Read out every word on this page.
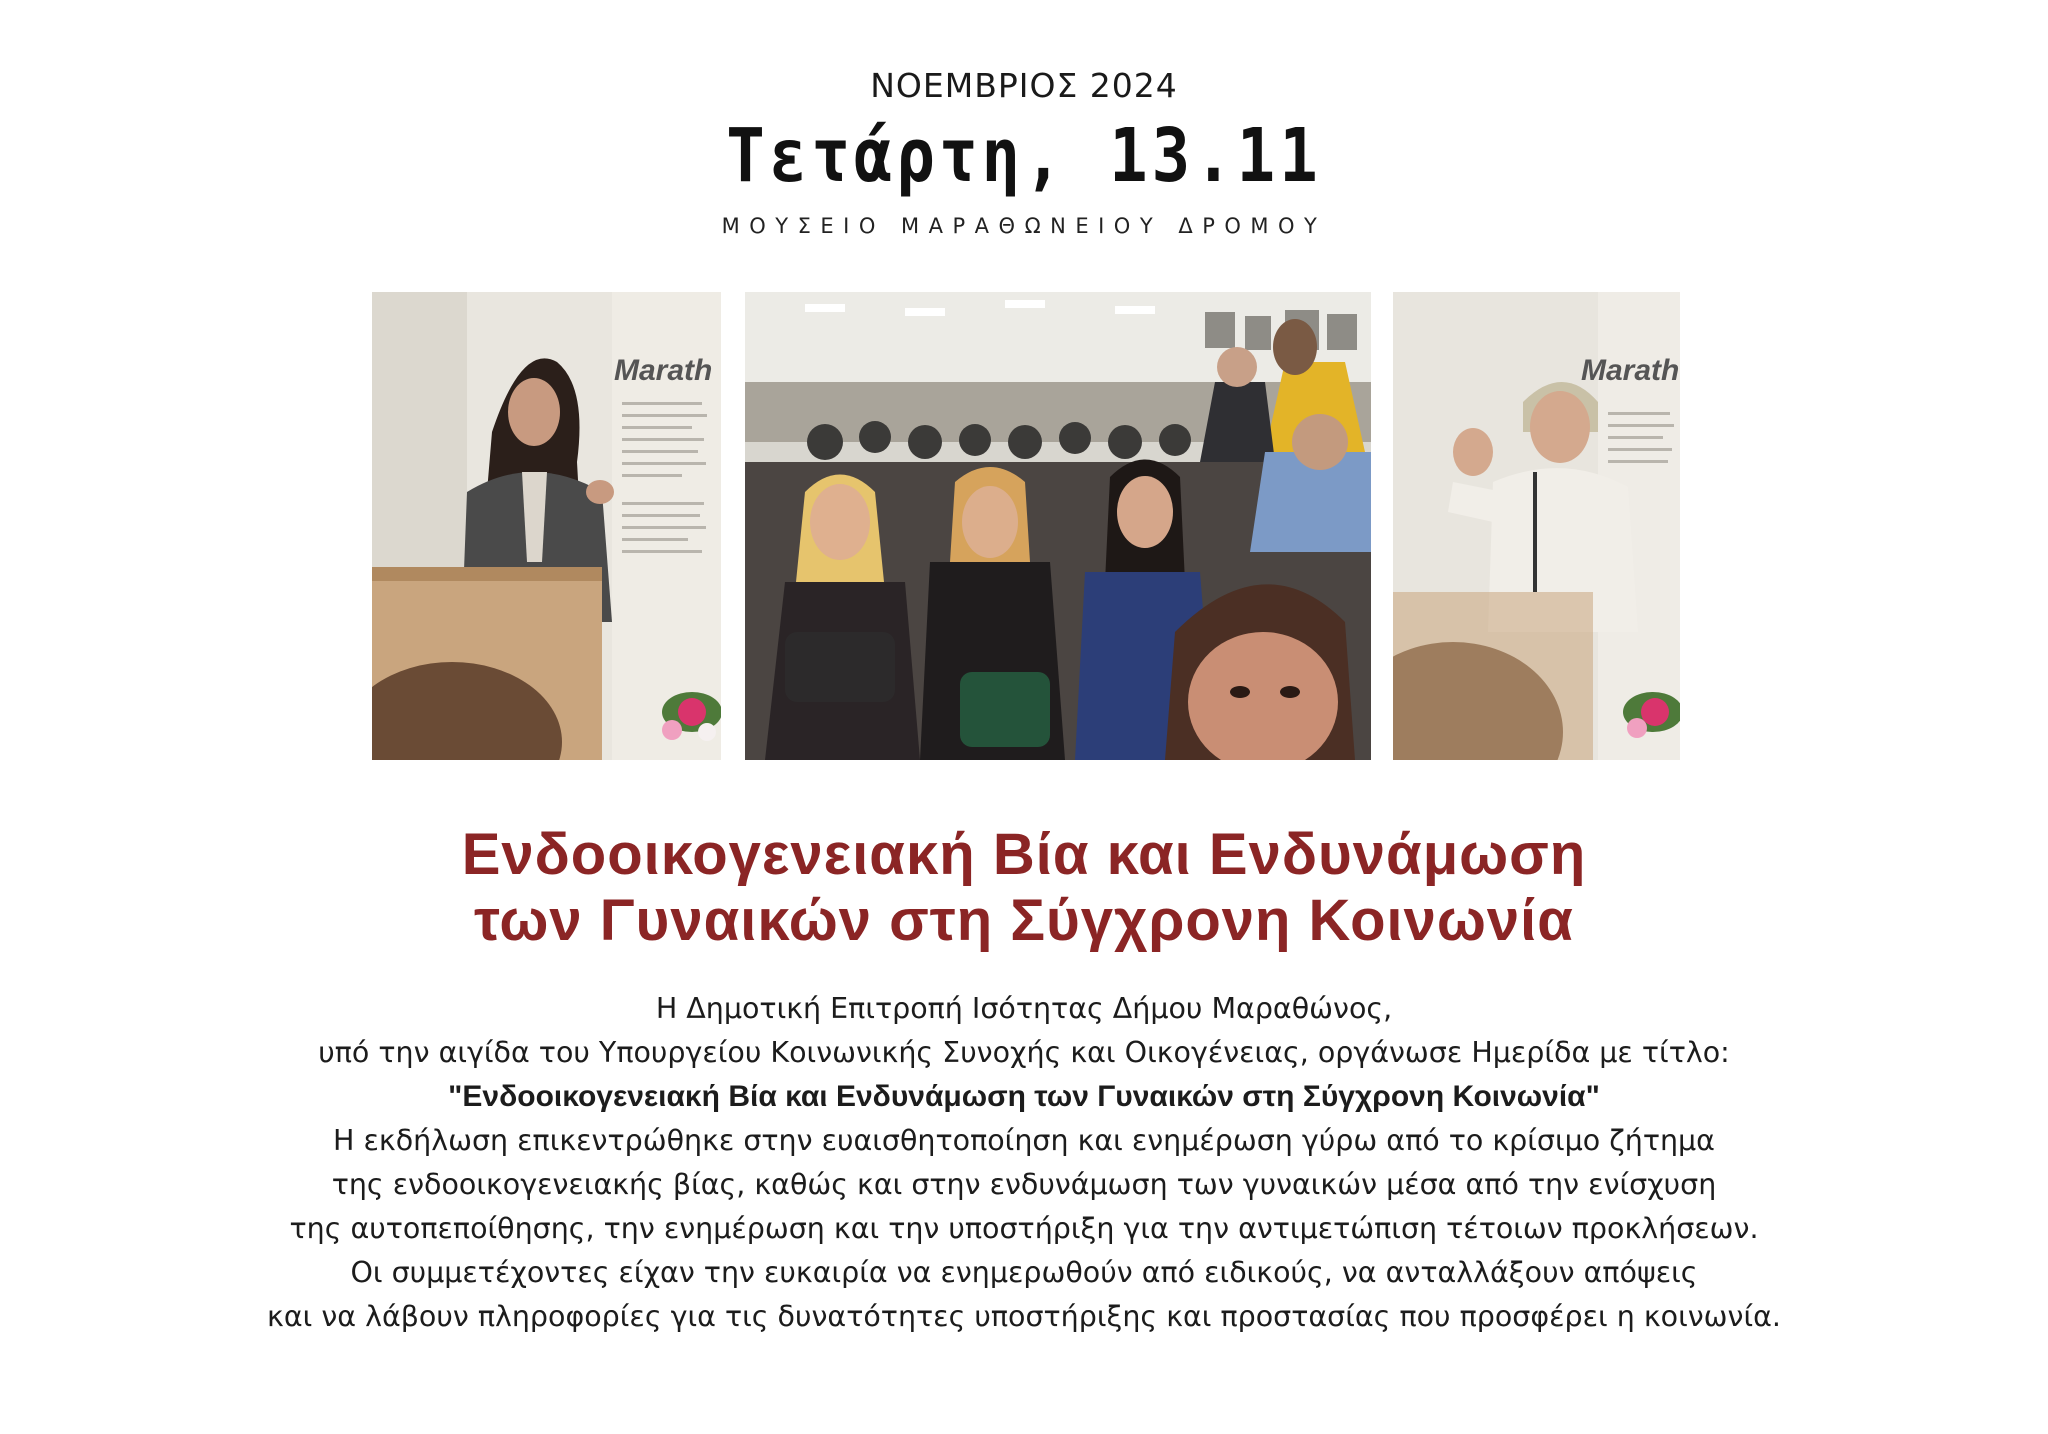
ΝΟΕΜΒΡΙΟΣ 2024
Τετάρτη, 13.11
ΜΟΥΣΕΙΟ ΜΑΡΑΘΩΝΕΙΟΥ ΔΡΟΜΟΥ
Marath	Marath
Ενδοοικογενειακή Βία και Ενδυνάμωση
των Γυναικών στη Σύγχρονη Κοινωνία
Η Δημοτική Επιτροπή Ισότητας Δήμου Μαραθώνος,
υπό την αιγίδα του Υπουργείου Κοινωνικής Συνοχής και Οικογένειας, οργάνωσε Ημερίδα με τίτλο:
"Ενδοοικογενειακή Βία και Ενδυνάμωση των Γυναικών στη Σύγχρονη Κοινωνία"
Η εκδήλωση επικεντρώθηκε στην ευαισθητοποίηση και ενημέρωση γύρω από το κρίσιμο ζήτημα
της ενδοοικογενειακής βίας, καθώς και στην ενδυνάμωση των γυναικών μέσα από την ενίσχυση
της αυτοπεποίθησης, την ενημέρωση και την υποστήριξη για την αντιμετώπιση τέτοιων προκλήσεων.
Οι συμμετέχοντες είχαν την ευκαιρία να ενημερωθούν από ειδικούς, να ανταλλάξουν απόψεις
και να λάβουν πληροφορίες για τις δυνατότητες υποστήριξης και προστασίας που προσφέρει η κοινωνία.
